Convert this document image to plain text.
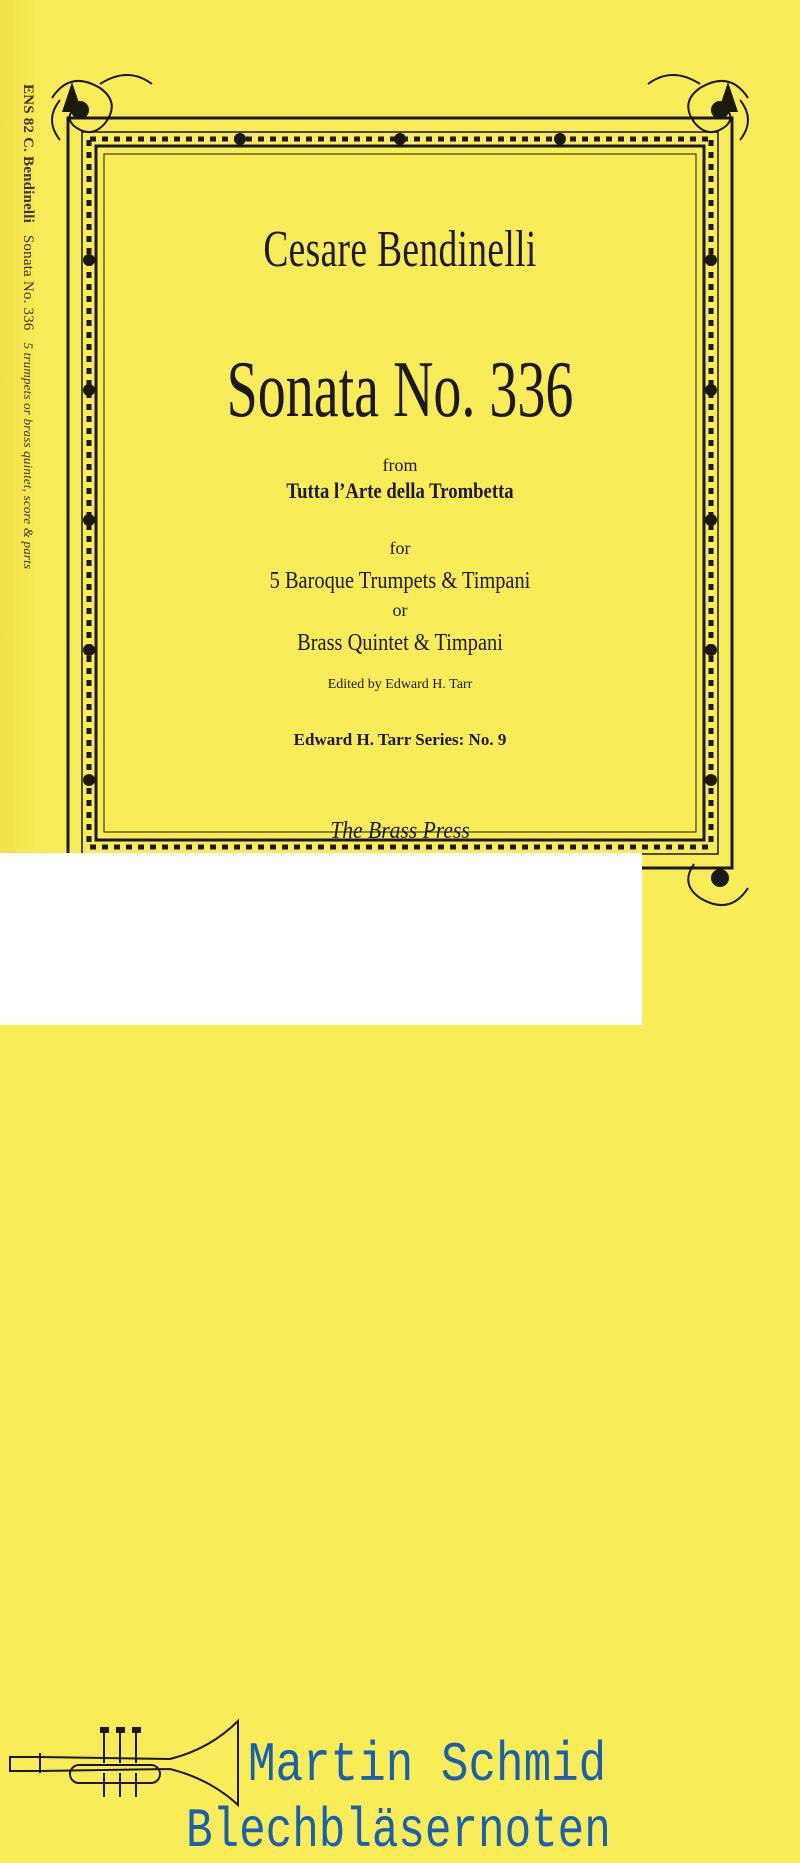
ENS 82 C. Bendinelli   Sonata No. 336   5 trumpets or brass quintet, score & parts
Cesare Bendinelli
Sonata No. 336
from
Tutta l’Arte della Trombetta
for
5 Baroque Trumpets & Timpani
or
Brass Quintet & Timpani
Edited by Edward H. Tarr
Edward H. Tarr Series: No. 9
The Brass Press
Martin Schmid
Blechbläsernoten
